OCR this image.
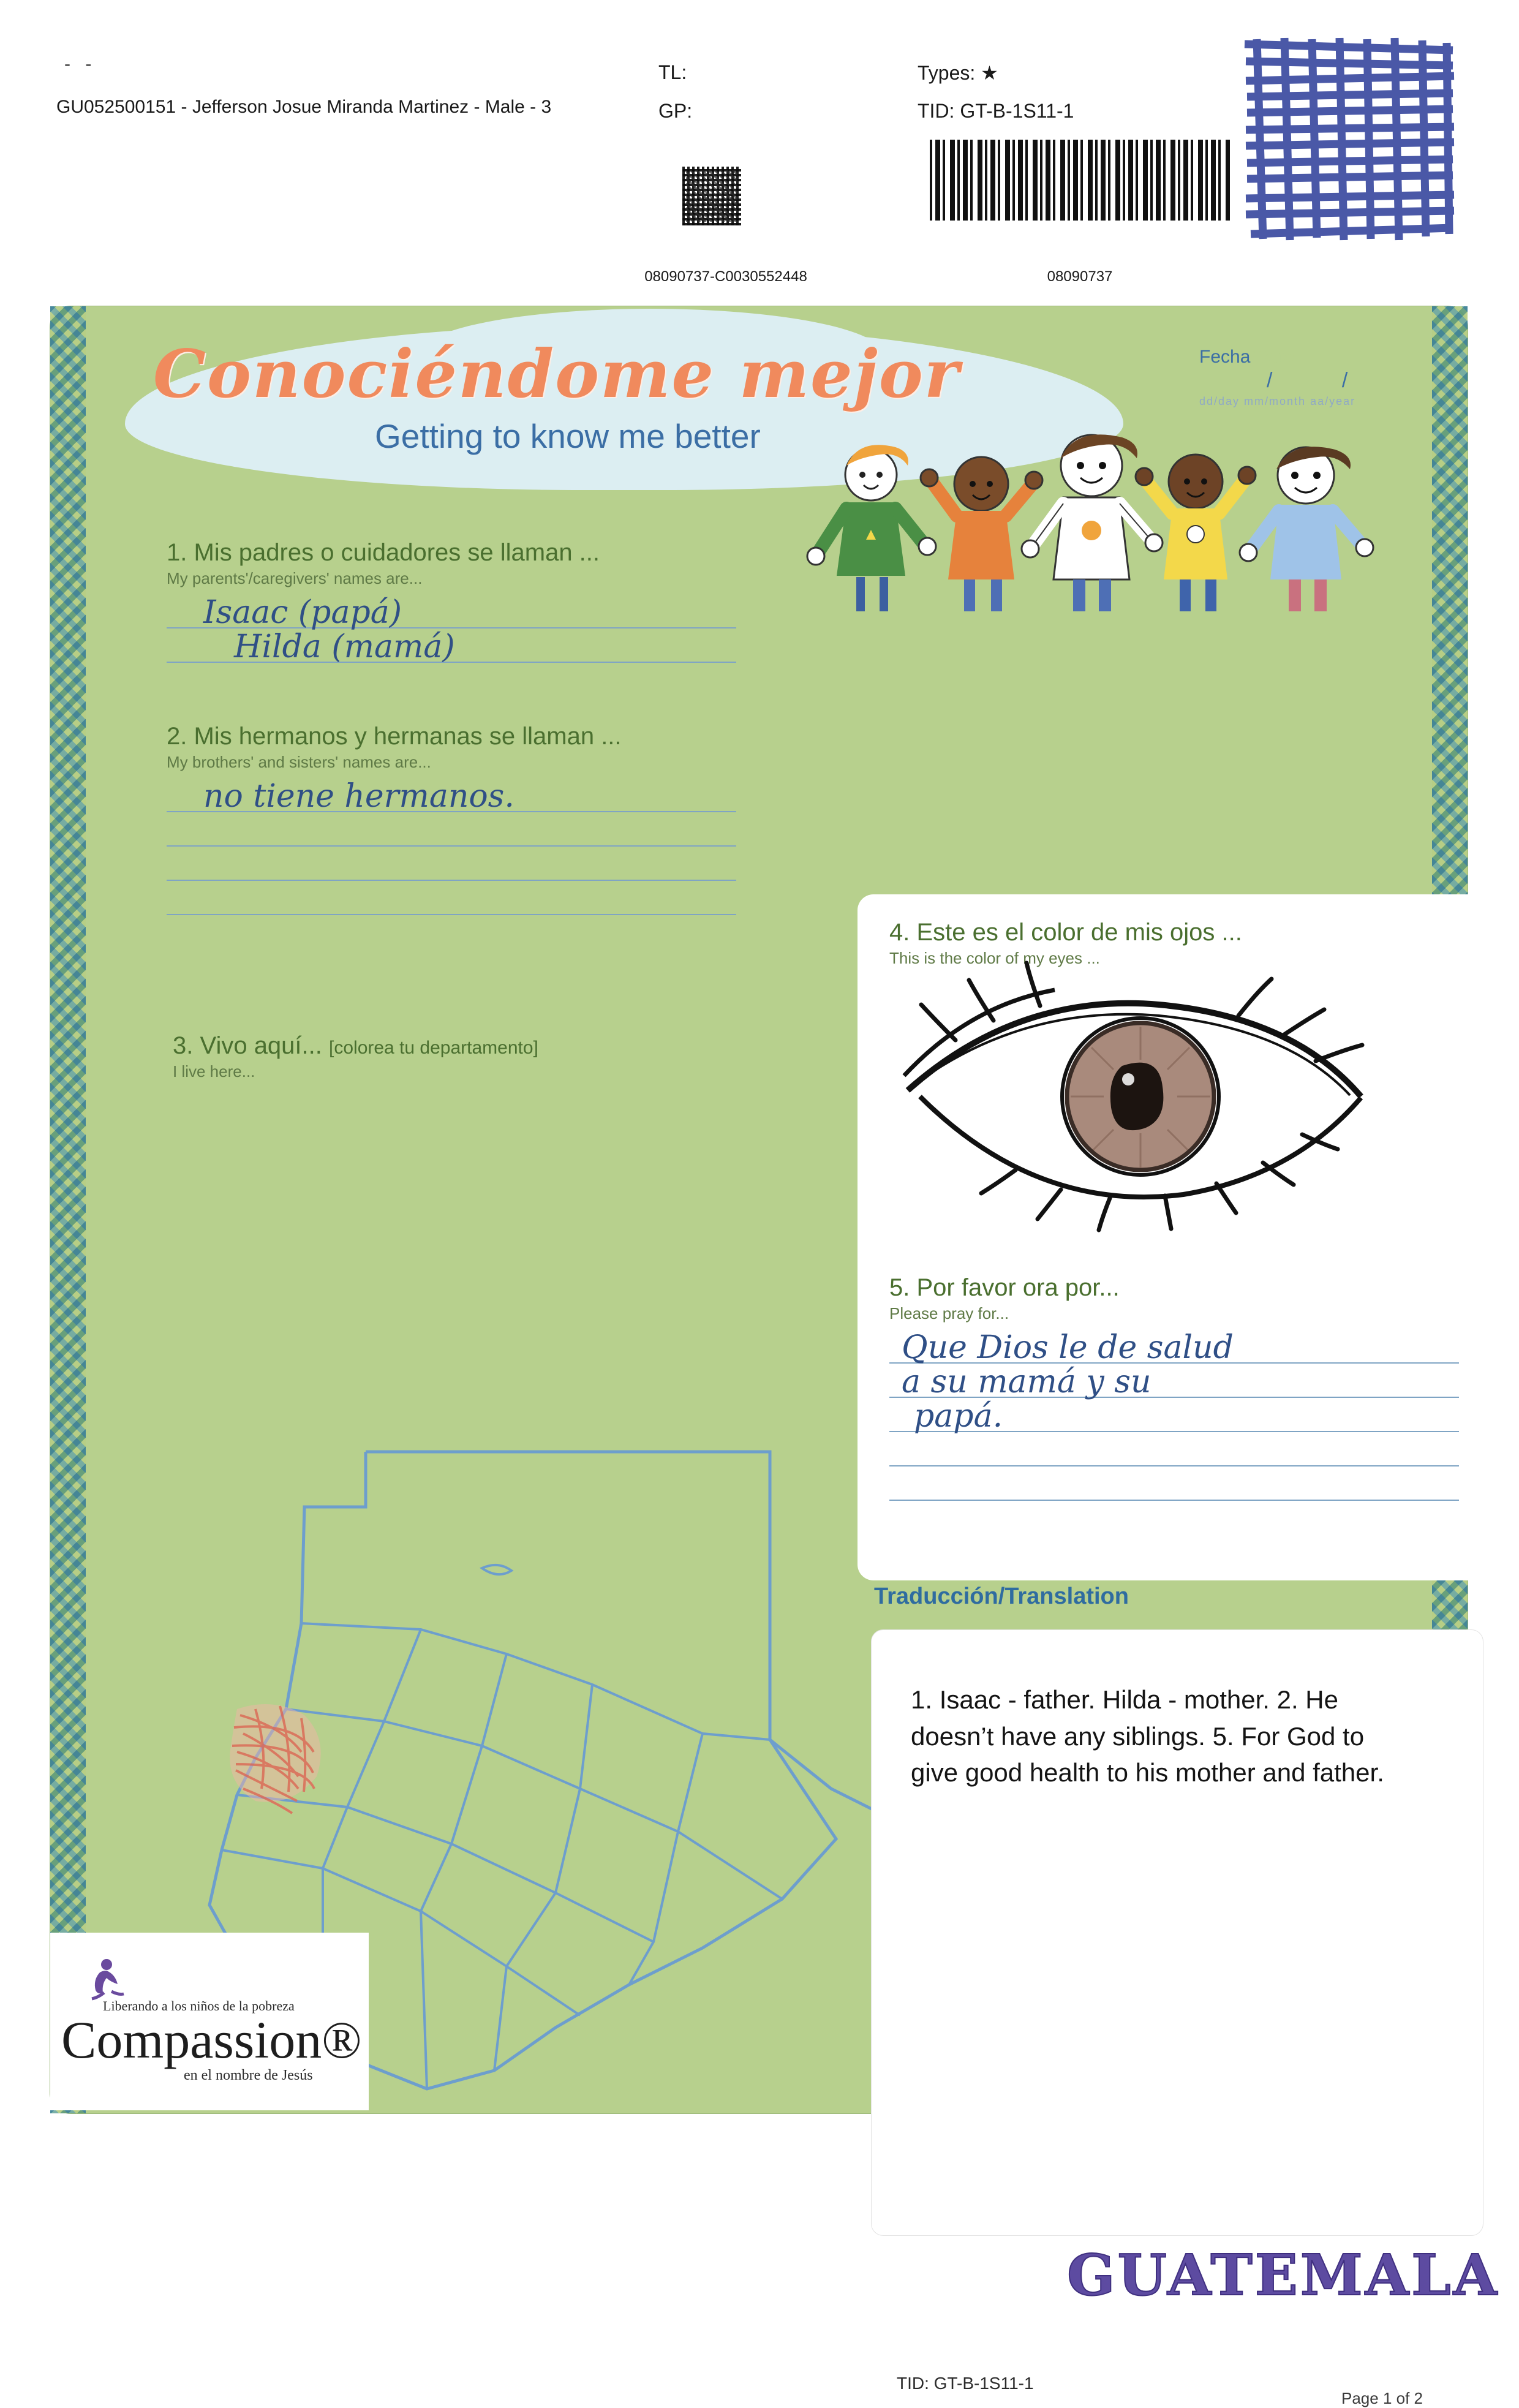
- -
GU052500151 - Jefferson Josue Miranda Martinez - Male - 3
TL:
GP:
Types: ★
TID: GT-B-1S11-1
08090737-C0030552448	08090737
Conociéndome mejor
Getting to know me better
Fecha/Date
/ /
dd/day mm/month aa/year
1. Mis padres o cuidadores se llaman ...
My parents'/caregivers' names are...
Isaac (papá)
Hilda (mamá)
2. Mis hermanos y hermanas se llaman ...
My brothers' and sisters' names are...
no tiene hermanos.
3. Vivo aquí... [colorea tu departamento]
I live here...
4. Este es el color de mis ojos ...
This is the color of my eyes ...
5. Por favor ora por...
Please pray for...
Que Dios le de salud
a su mamá y su
papá.
Traducción/Translation
1. Isaac - father. Hilda - mother. 2. He doesn’t have any siblings. 5. For God to give good health to his mother and father.
GUATEMALA
TID: GT-B-1S11-1
Page 1 of 2
Liberando a los niños de la pobreza
Compassion®
en el nombre de Jesús
